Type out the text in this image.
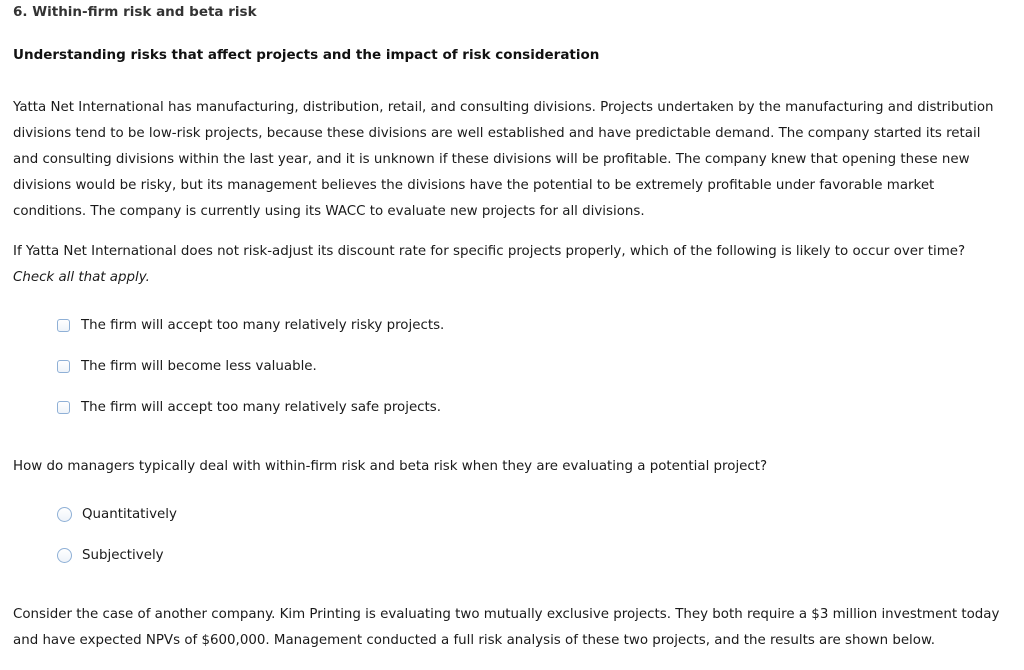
6. Within-firm risk and beta risk
Understanding risks that affect projects and the impact of risk consideration

Yatta Net International has manufacturing, distribution, retail, and consulting divisions. Projects undertaken by the manufacturing and distribution divisions tend to be low-risk projects, because these divisions are well established and have predictable demand. The company started its retail and consulting divisions within the last year, and it is unknown if these divisions will be profitable. The company knew that opening these new divisions would be risky, but its management believes the divisions have the potential to be extremely profitable under favorable market conditions. The company is currently using its WACC to evaluate new projects for all divisions.

If Yatta Net International does not risk-adjust its discount rate for specific projects properly, which of the following is likely to occur over time? Check all that apply.

The firm will accept too many relatively risky projects.
The firm will become less valuable.
The firm will accept too many relatively safe projects.

How do managers typically deal with within-firm risk and beta risk when they are evaluating a potential project?

Quantitatively
Subjectively

Consider the case of another company. Kim Printing is evaluating two mutually exclusive projects. They both require a $3 million investment today and have expected NPVs of $600,000. Management conducted a full risk analysis of these two projects, and the results are shown below.
